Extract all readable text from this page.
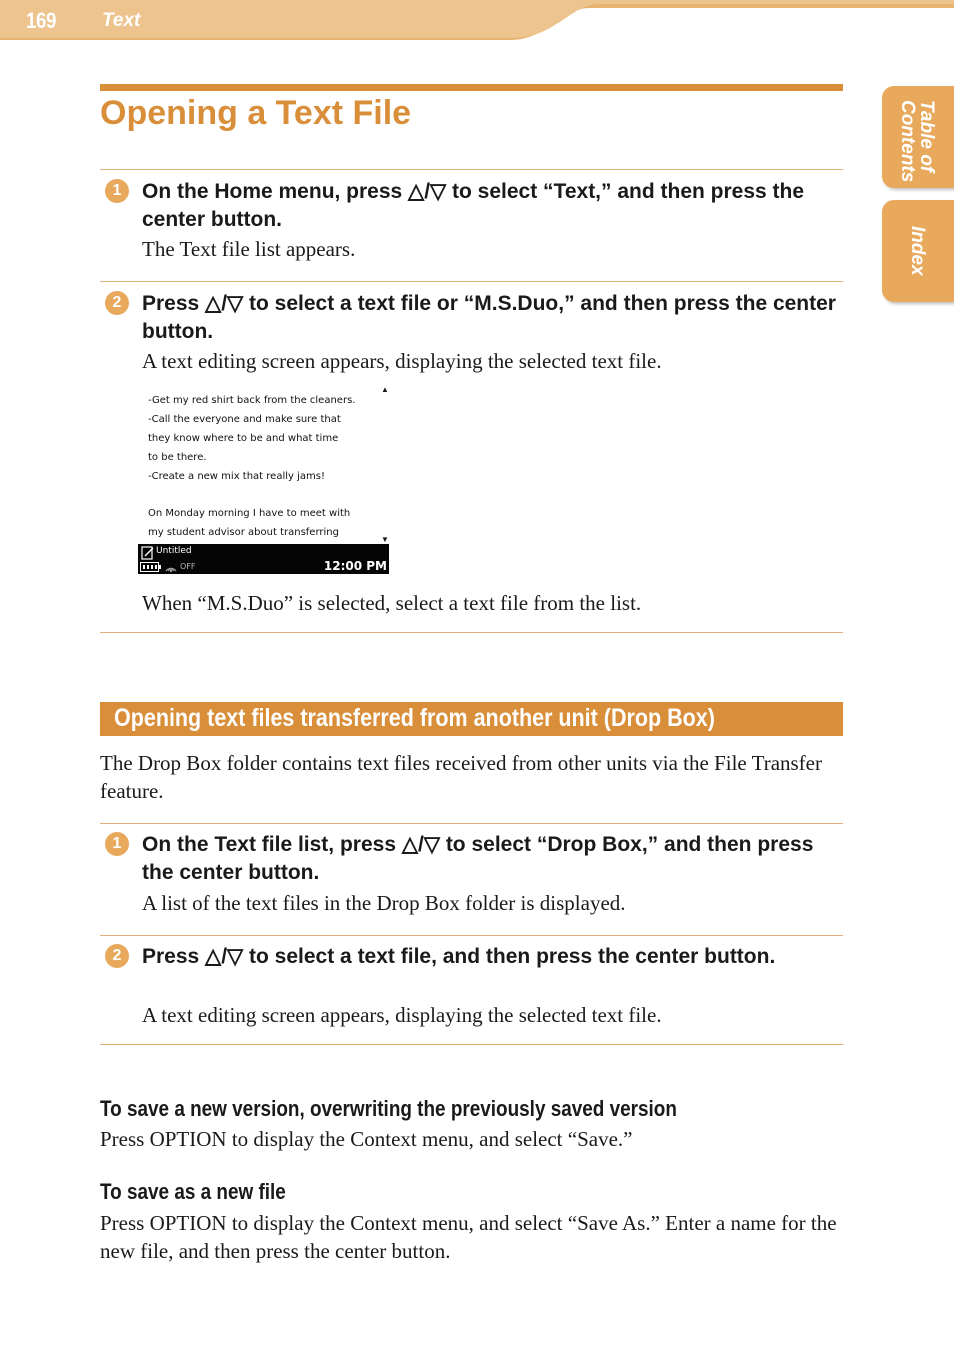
169 Text
Table of
Contents
Index
Opening a Text File
1 On the Home menu, press △/▽ to select “Text,” and then press the center button.
The Text file list appears.
2 Press △/▽ to select a text file or “M.S.Duo,” and then press the center button.
A text editing screen appears, displaying the selected text file.
-Get my red shirt back from the cleaners.
-Call the everyone and make sure that
they know where to be and what time
to be there.
-Create a new mix that really jams!

On Monday morning I have to meet with
my student advisor about transferring
▲
▼
Untitled
OFF	12:00 PM
When “M.S.Duo” is selected, select a text file from the list.
Opening text files transferred from another unit (Drop Box)
The Drop Box folder contains text files received from other units via the File Transfer feature.
1 On the Text file list, press △/▽ to select “Drop Box,” and then press the center button.
A list of the text files in the Drop Box folder is displayed.
2 Press △/▽ to select a text file, and then press the center button.
A text editing screen appears, displaying the selected text file.
To save a new version, overwriting the previously saved version
Press OPTION to display the Context menu, and select “Save.”
To save as a new file
Press OPTION to display the Context menu, and select “Save As.” Enter a name for the new file, and then press the center button.
